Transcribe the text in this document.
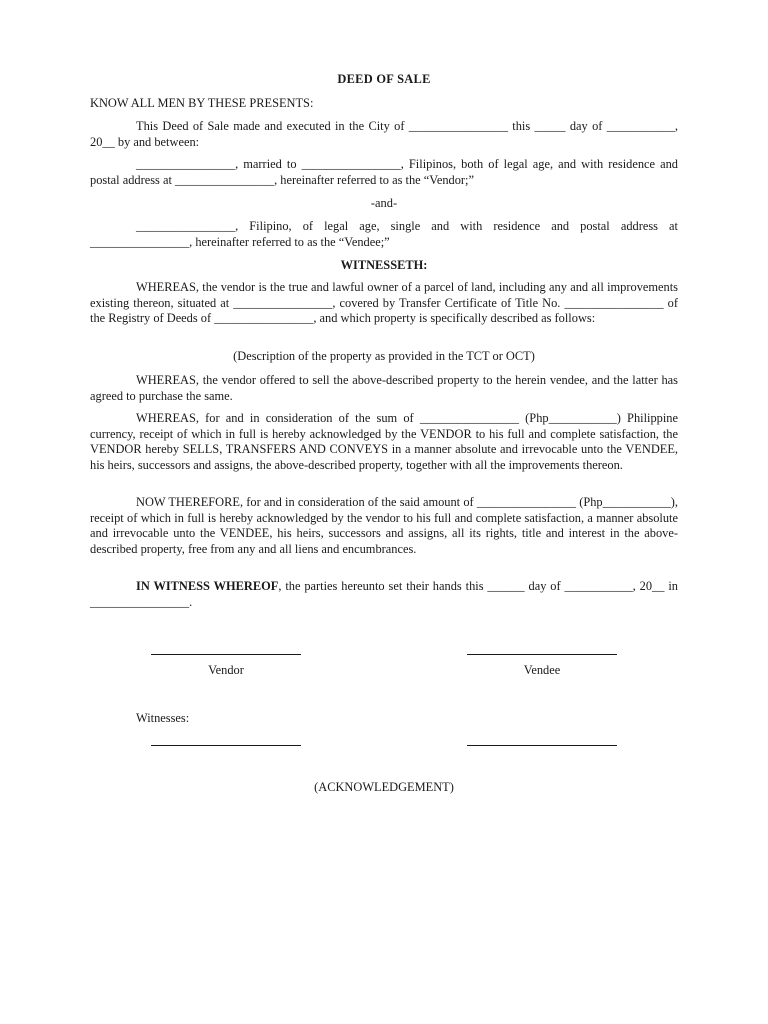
DEED OF SALE

KNOW ALL MEN BY THESE PRESENTS:

This Deed of Sale made and executed in the City of ________________ this _____ day of ___________, 20__ by and between:

________________, married to ________________, Filipinos, both of legal age, and with residence and postal address at ________________, hereinafter referred to as the “Vendor;”

-and-

________________, Filipino, of legal age, single and with residence and postal address at ________________, hereinafter referred to as the “Vendee;”

WITNESSETH:

WHEREAS, the vendor is the true and lawful owner of a parcel of land, including any and all improvements existing thereon, situated at ________________, covered by Transfer Certificate of Title No. ________________ of the Registry of Deeds of ________________, and which property is specifically described as follows:

(Description of the property as provided in the TCT or OCT)

WHEREAS, the vendor offered to sell the above-described property to the herein vendee, and the latter has agreed to purchase the same.

WHEREAS, for and in consideration of the sum of ________________ (Php___________) Philippine currency, receipt of which in full is hereby acknowledged by the VENDOR to his full and complete satisfaction, the VENDOR hereby SELLS, TRANSFERS AND CONVEYS in a manner absolute and irrevocable unto the VENDEE, his heirs, successors and assigns, the above-described property, together with all the improvements thereon.

NOW THEREFORE, for and in consideration of the said amount of ________________ (Php___________), receipt of which in full is hereby acknowledged by the vendor to his full and complete satisfaction, a manner absolute and irrevocable unto the VENDEE, his heirs, successors and assigns, all its rights, title and interest in the above-described property, free from any and all liens and encumbrances.

IN WITNESS WHEREOF, the parties hereunto set their hands this ______ day of ___________, 20__ in ________________.

Vendor	Vendee
Witnesses:

(ACKNOWLEDGEMENT)
